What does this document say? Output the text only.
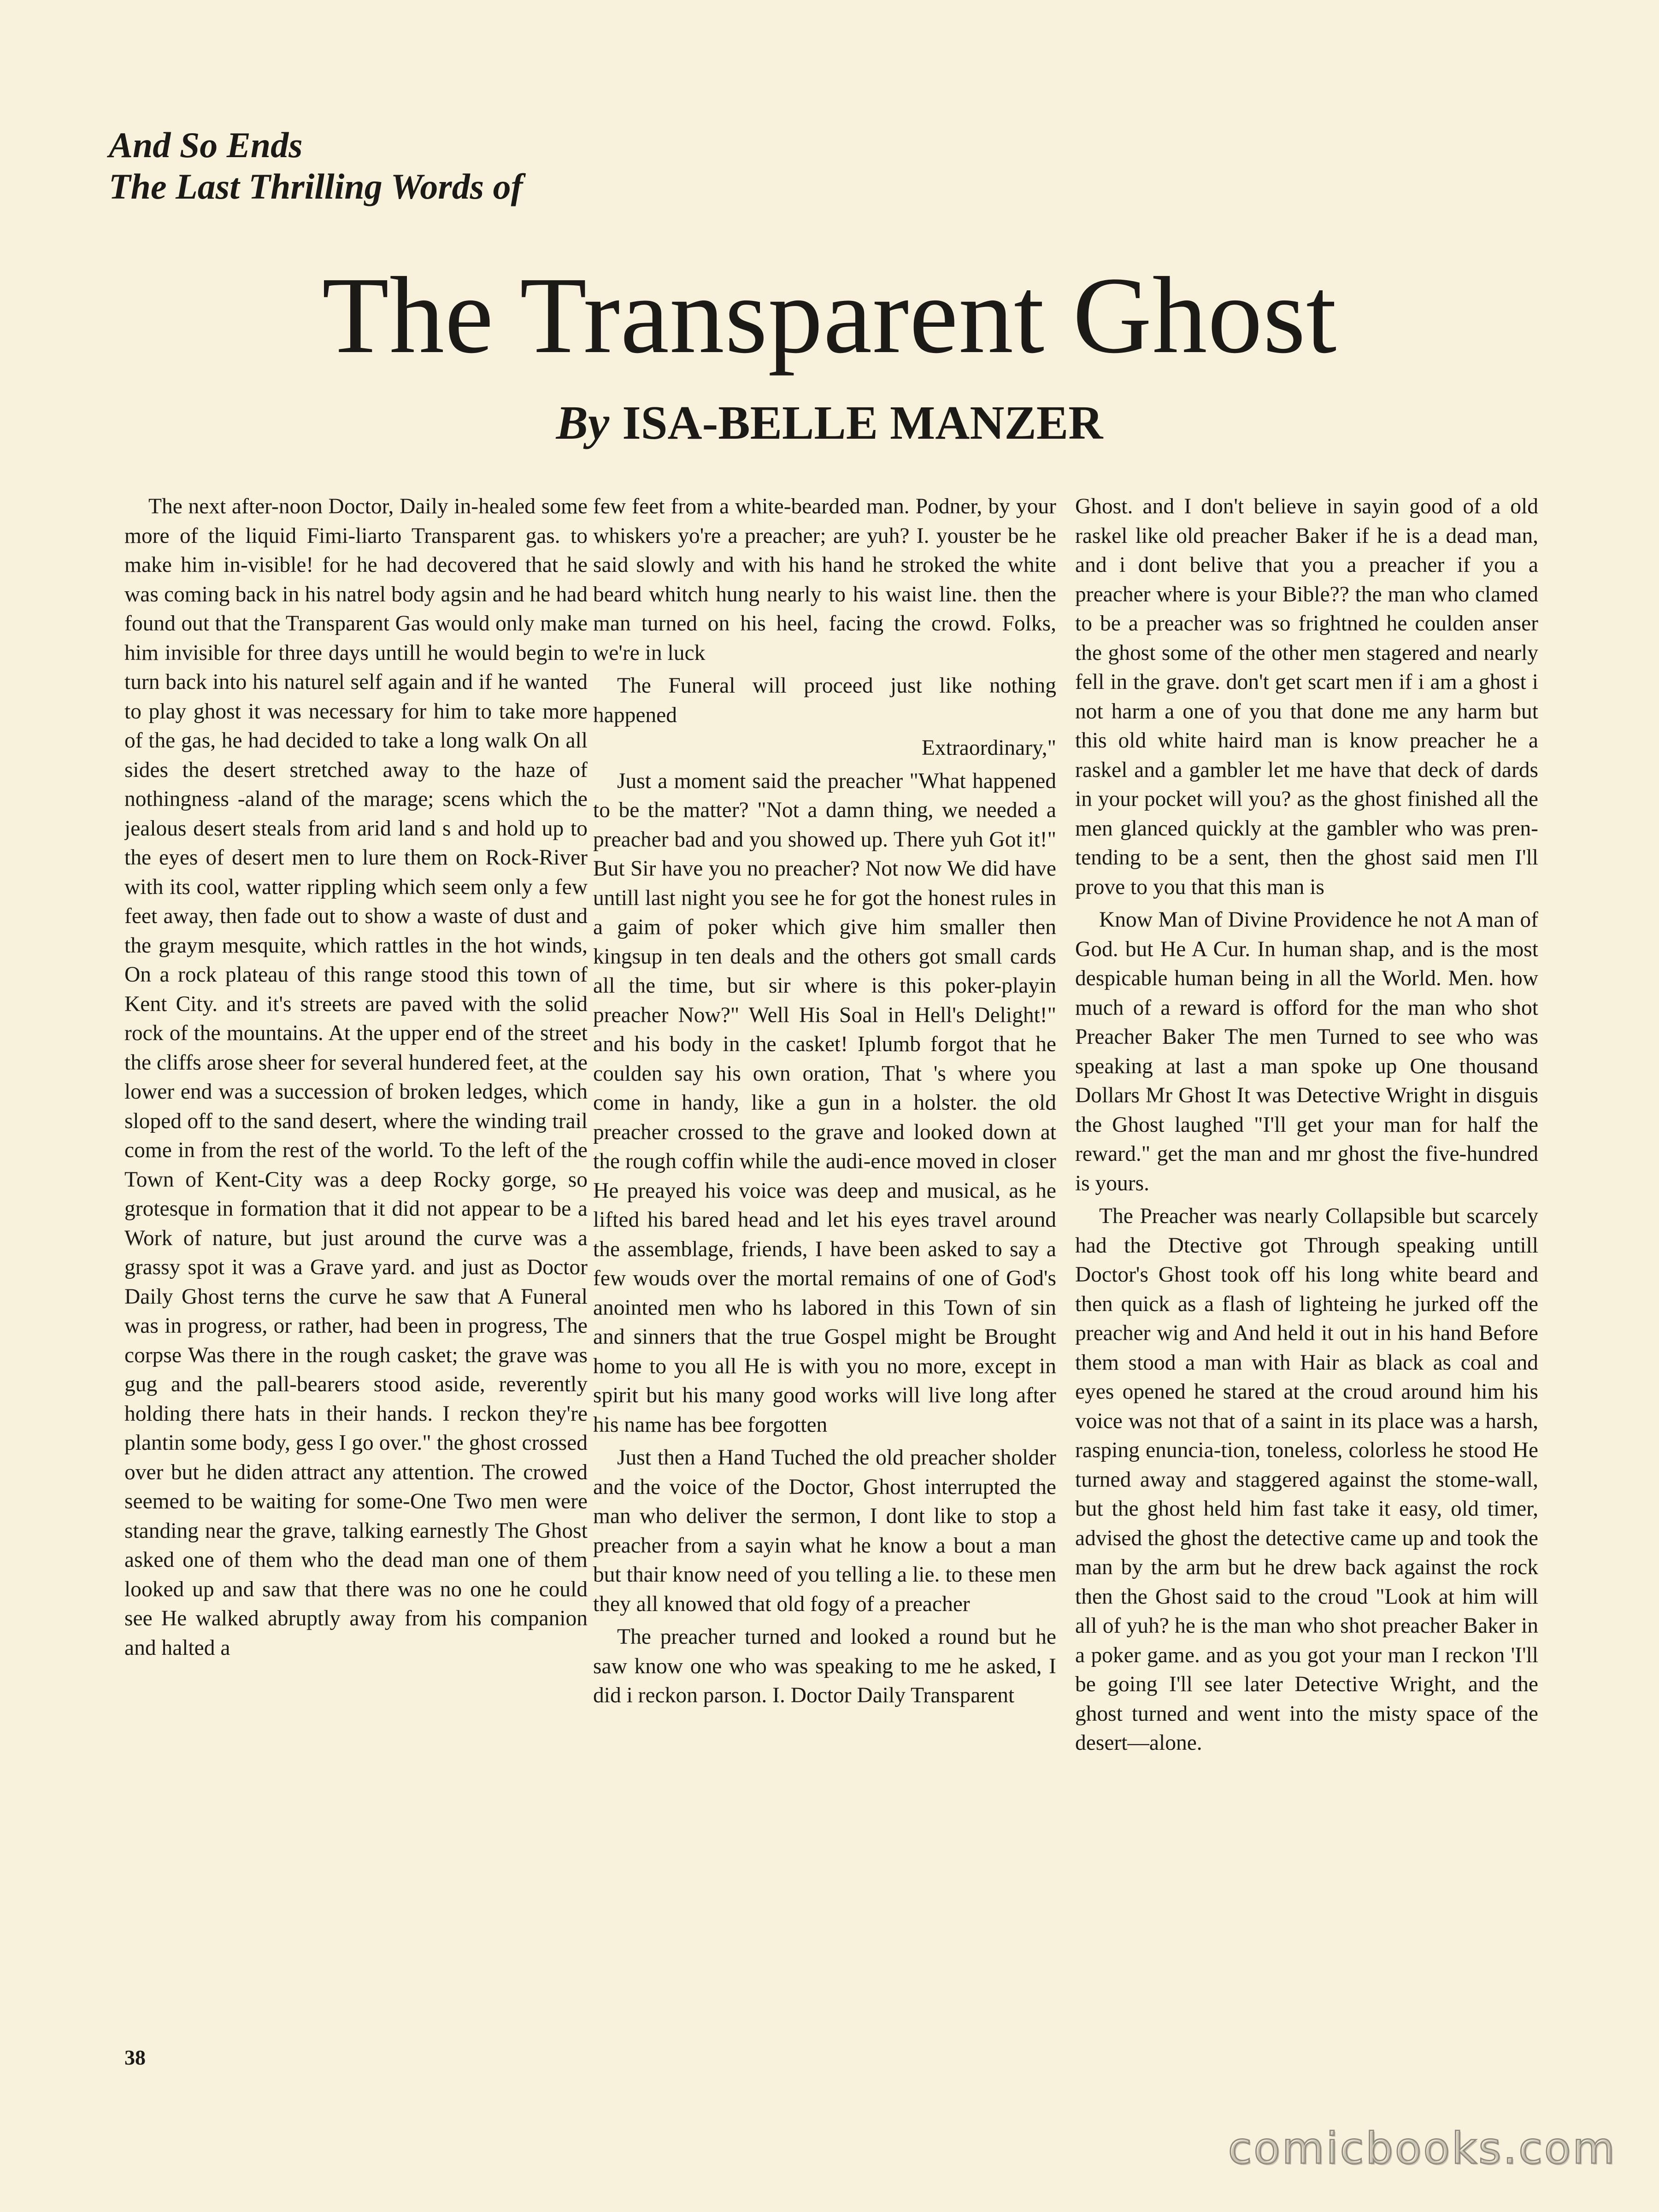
And So Ends
The Last Thrilling Words of
The Transparent Ghost
By ISA-BELLE MANZER

The next after-noon Doctor, Daily in-healed some more of the liquid Fimi-liarto Transparent gas. to make him in-visible! for he had decovered that he was coming back in his natrel body agsin and he had found out that the Transparent Gas would only make him invisible for three days untill he would begin to turn back into his naturel self again and if he wanted to play ghost it was necessary for him to take more of the gas, he had decided to take a long walk On all sides the desert stretched away to the haze of nothingness -aland of the marage; scens which the jealous desert steals from arid land s and hold up to the eyes of desert men to lure them on Rock-River with its cool, watter rippling which seem only a few feet away, then fade out to show a waste of dust and the graym mesquite, which rattles in the hot winds, On a rock plateau of this range stood this town of Kent City. and it's streets are paved with the solid rock of the mountains. At the upper end of the street the cliffs arose sheer for several hundered feet, at the lower end was a succession of broken ledges, which sloped off to the sand desert, where the winding trail come in from the rest of the world. To the left of the Town of Kent-City was a deep Rocky gorge, so grotesque in formation that it did not appear to be a Work of nature, but just around the curve was a grassy spot it was a Grave yard. and just as Doctor Daily Ghost terns the curve he saw that A Funeral was in progress, or rather, had been in progress, The corpse Was there in the rough casket; the grave was gug and the pall-bearers stood aside, reverently holding there hats in their hands. I reckon they're plantin some body, gess I go over." the ghost crossed over but he diden attract any attention. The crowed seemed to be waiting for some-One Two men were standing near the grave, talking earnestly The Ghost asked one of them who the dead man one of them looked up and saw that there was no one he could see He walked abruptly away from his companion and halted a

few feet from a white-bearded man. Podner, by your whiskers yo're a preacher; are yuh? I. youster be he said slowly and with his hand he stroked the white beard whitch hung nearly to his waist line. then the man turned on his heel, facing the crowd. Folks, we're in luck

The Funeral will proceed just like nothing happened

Extraordinary,"

Just a moment said the preacher "What happened to be the matter? "Not a damn thing, we needed a preacher bad and you showed up. There yuh Got it!" But Sir have you no preacher? Not now We did have untill last night you see he for got the honest rules in a gaim of poker which give him smaller then kingsup in ten deals and the others got small cards all the time, but sir where is this poker-playin preacher Now?" Well His Soal in Hell's Delight!" and his body in the casket! Iplumb forgot that he coulden say his own oration, That 's where you come in handy, like a gun in a holster. the old preacher crossed to the grave and looked down at the rough coffin while the audi-ence moved in closer He preayed his voice was deep and musical, as he lifted his bared head and let his eyes travel around the assemblage, friends, I have been asked to say a few wouds over the mortal remains of one of God's anointed men who hs labored in this Town of sin and sinners that the true Gospel might be Brought home to you all He is with you no more, except in spirit but his many good works will live long after his name has bee forgotten

Just then a Hand Tuched the old preacher sholder and the voice of the Doctor, Ghost interrupted the man who deliver the sermon, I dont like to stop a preacher from a sayin what he know a bout a man but thair know need of you telling a lie. to these men they all knowed that old fogy of a preacher

The preacher turned and looked a round but he saw know one who was speaking to me he asked, I did i reckon parson. I. Doctor Daily Transparent

Ghost. and I don't believe in sayin good of a old raskel like old preacher Baker if he is a dead man, and i dont belive that you a preacher if you a preacher where is your Bible?? the man who clamed to be a preacher was so frightned he coulden anser the ghost some of the other men stagered and nearly fell in the grave. don't get scart men if i am a ghost i not harm a one of you that done me any harm but this old white haird man is know preacher he a raskel and a gambler let me have that deck of dards in your pocket will you? as the ghost finished all the men glanced quickly at the gambler who was pren-tending to be a sent, then the ghost said men I'll prove to you that this man is

Know Man of Divine Providence he not A man of God. but He A Cur. In human shap, and is the most despicable human being in all the World. Men. how much of a reward is offord for the man who shot Preacher Baker The men Turned to see who was speaking at last a man spoke up One thousand Dollars Mr Ghost It was Detective Wright in disguis the Ghost laughed "I'll get your man for half the reward." get the man and mr ghost the five-hundred is yours.

The Preacher was nearly Collapsible but scarcely had the Dtective got Through speaking untill Doctor's Ghost took off his long white beard and then quick as a flash of lighteing he jurked off the preacher wig and And held it out in his hand Before them stood a man with Hair as black as coal and eyes opened he stared at the croud around him his voice was not that of a saint in its place was a harsh, rasping enuncia-tion, toneless, colorless he stood He turned away and staggered against the stome-wall, but the ghost held him fast take it easy, old timer, advised the ghost the detective came up and took the man by the arm but he drew back against the rock then the Ghost said to the croud "Look at him will all of yuh? he is the man who shot preacher Baker in a poker game. and as you got your man I reckon 'I'll be going I'll see later Detective Wright, and the ghost turned and went into the misty space of the desert—alone.

38
comicbooks.com
